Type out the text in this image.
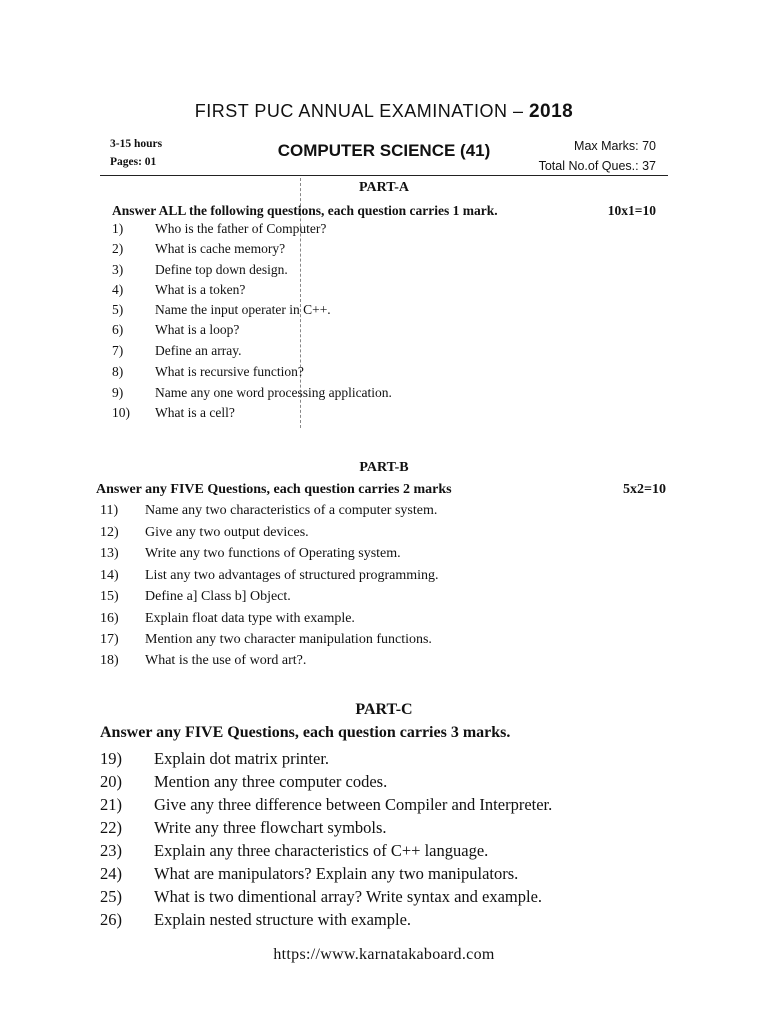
FIRST PUC ANNUAL EXAMINATION – 2018
3-15 hours
Pages: 01
COMPUTER SCIENCE (41)	Max Marks: 70
Total No.of Ques.: 37
PART-A
Answer ALL the following questions, each question carries 1 mark.	10x1=10
1)	Who is the father of Computer?
2)	What is cache memory?
3)	Define top down design.
4)	What is a token?
5)	Name the input operater in C++.
6)	What is a loop?
7)	Define an array.
8)	What is recursive function?
9)	Name any one word processing application.
10)	What is a cell?
PART-B
Answer any FIVE Questions, each question carries 2 marks	5x2=10
11)	Name any two characteristics of a computer system.
12)	Give any two output devices.
13)	Write any two functions of Operating system.
14)	List any two advantages of structured programming.
15)	Define a] Class b] Object.
16)	Explain float data type with example.
17)	Mention any two character manipulation functions.
18)	What is the use of word art?.
PART-C
Answer any FIVE Questions, each question carries 3 marks.
19)	Explain dot matrix printer.
20)	Mention any three computer codes.
21)	Give any three difference between Compiler and Interpreter.
22)	Write any three flowchart symbols.
23)	Explain any three characteristics of C++ language.
24)	What are manipulators? Explain any two manipulators.
25)	What is two dimentional array? Write syntax and example.
26)	Explain nested structure with example.
https://www.karnatakaboard.com
